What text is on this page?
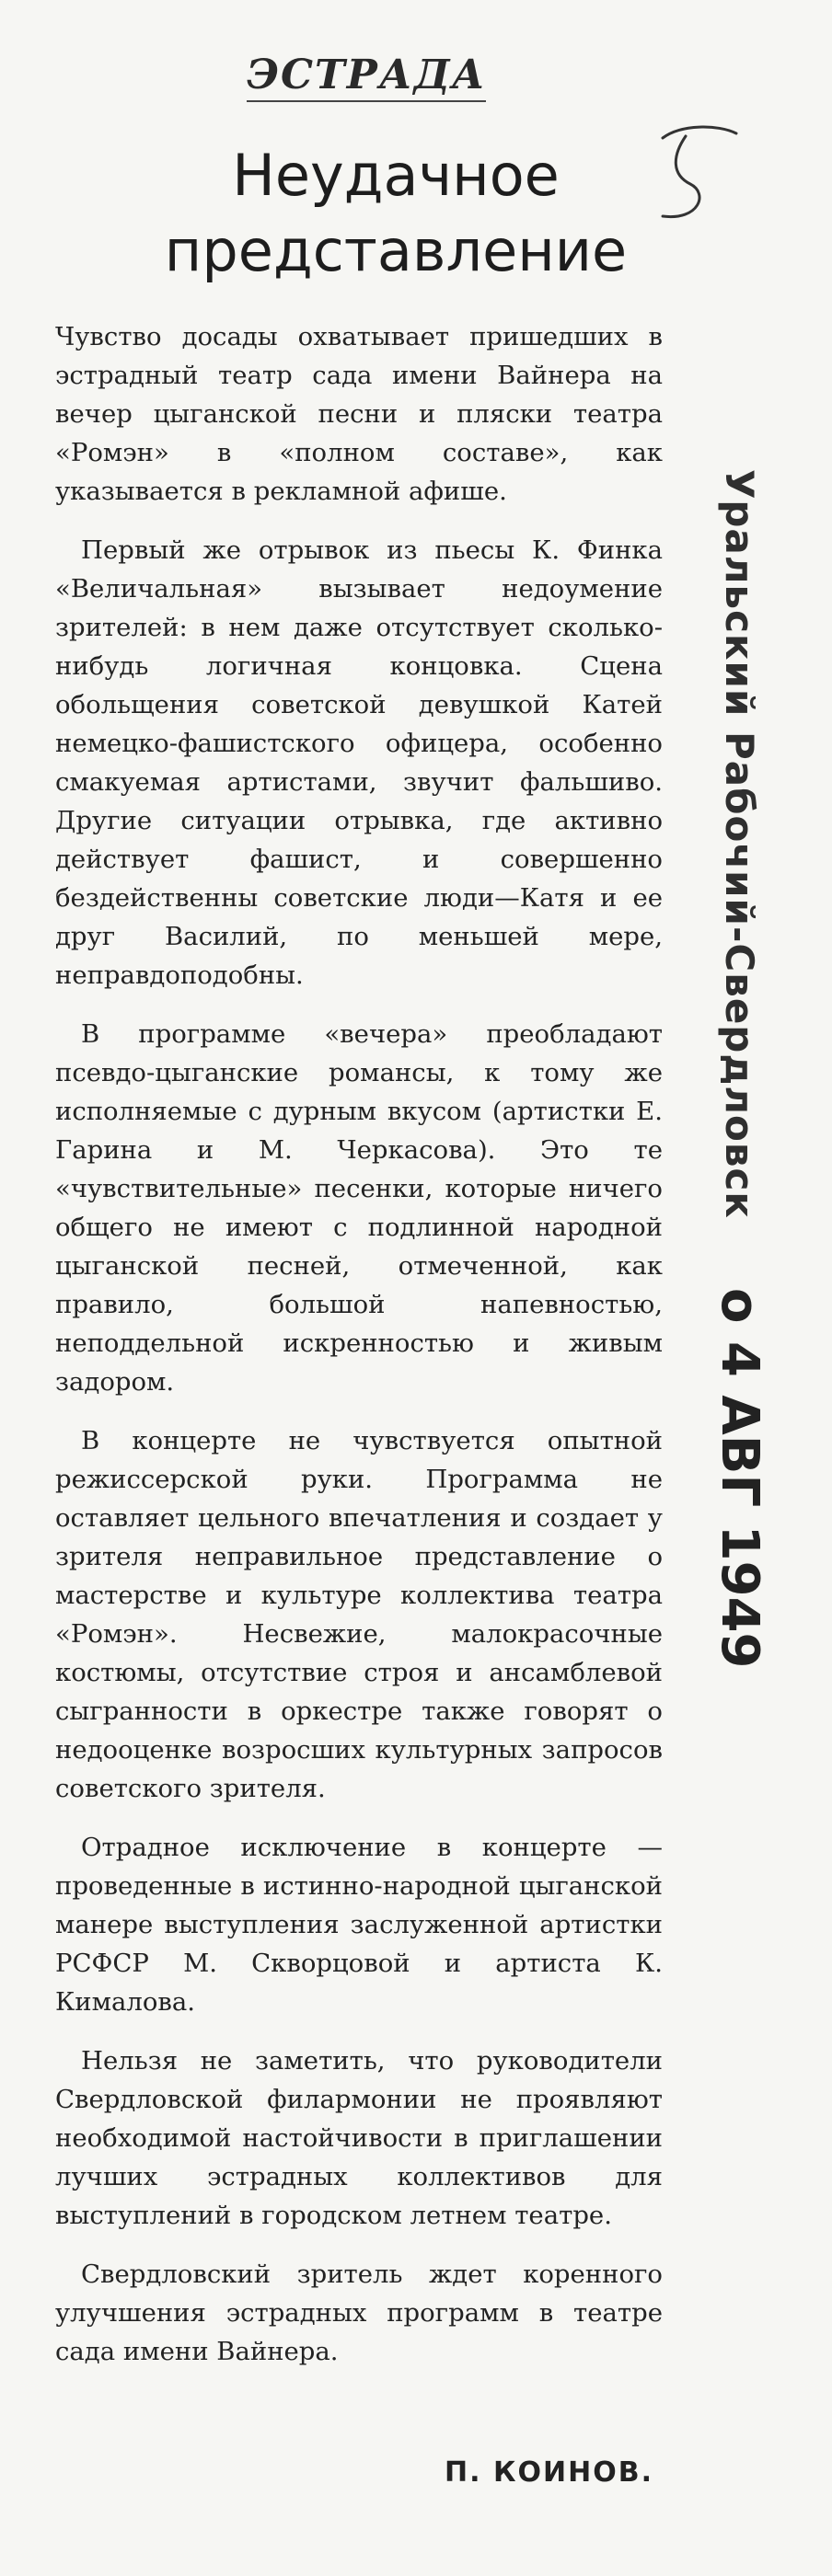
ЭСТРАДА
Неудачное представление

Чувство досады охватывает пришедших в эстрадный театр сада имени Вайнера на вечер цыганской песни и пляски театра «Ромэн» в «полном составе», как указывается в рекламной афише.

Первый же отрывок из пьесы К. Финка «Величальная» вызывает недоумение зрителей: в нем даже отсутствует сколько-нибудь логичная концовка. Сцена обольщения советской девушкой Катей немецко-фашистского офицера, особенно смакуемая артистами, звучит фальшиво. Другие ситуации отрывка, где активно действует фашист, и совершенно бездейственны советские люди—Катя и ее друг Василий, по меньшей мере, неправдоподобны.

В программе «вечера» преобладают псевдо-цыганские романсы, к тому же исполняемые с дурным вкусом (артистки Е. Гарина и М. Черкасова). Это те «чувствительные» песенки, которые ничего общего не имеют с подлинной народной цыганской песней, отмеченной, как правило, большой напевностью, неподдельной искренностью и живым задором.

В концерте не чувствуется опытной режиссерской руки. Программа не оставляет цельного впечатления и создает у зрителя неправильное представление о мастерстве и культуре коллектива театра «Ромэн». Несвежие, малокрасочные костюмы, отсутствие строя и ансамблевой сыгранности в оркестре также говорят о недооценке возросших культурных запросов советского зрителя.

Отрадное исключение в концерте — проведенные в истинно-народной цыганской манере выступления заслуженной артистки РСФСР М. Скворцовой и артиста К. Кималова.

Нельзя не заметить, что руководители Свердловской филармонии не проявляют необходимой настойчивости в приглашении лучших эстрадных коллективов для выступлений в городском летнем театре.

Свердловский зритель ждет коренного улучшения эстрадных программ в театре сада имени Вайнера.

П. КОИНОВ.
Уральский Рабочий-Свердловск
о 4 АВГ 1949
